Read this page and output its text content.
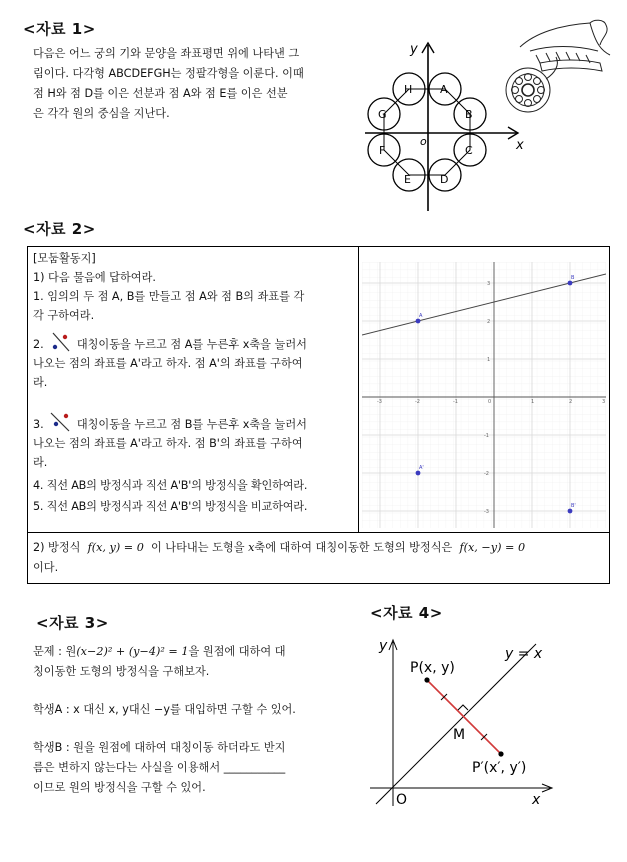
<자료 1>
다음은 어느 궁의 기와 문양을 좌표평면 위에 나타낸 그
림이다. 다각형 ABCDEFGH는 정팔각형을 이룬다. 이때
점 H와 점 D를 이은 선분과 점 A와 점 E를 이은 선분
은 각각 원의 중심을 지난다.
y
x
o
H	A
G	B
F	C
E	D
<자료 2>
[모둠활동지]
1) 다음 물음에 답하여라.
1. 임의의 두 점 A, B를 만들고 점 A와 점 B의 좌표를 각
각 구하여라.
2.	대칭이동을 누르고 점 A를 누른후 x축을 눌러서
나오는 점의 좌표를 A'라고 하자. 점 A'의 좌표를 구하여
라.
3.	대칭이동을 누르고 점 B를 누른후 x축을 눌러서
나오는 점의 좌표를 A'라고 하자. 점 B'의 좌표를 구하여
라.
4. 직선 AB의 방정식과 직선 A'B'의 방정식을 확인하여라.
5. 직선 AB의 방정식과 직선 A'B'의 방정식을 비교하여라.
-3	-2	-1	1	2	3
3
2
1
-1
-2
-3
0
A
B
A'
B'
2) 방정식 f(x, y) = 0 이 나타내는 도형을 x축에 대하여 대칭이동한 도형의 방정식은 f(x, −y) = 0
이다.
<자료 3>
문제 : 원(x−2)² + (y−4)² = 1을 원점에 대하여 대
칭이동한 도형의 방정식을 구해보자.
학생A : x 대신 x, y대신 −y를 대입하면 구할 수 있어.
학생B : 원을 원점에 대하여 대칭이동 하더라도 반지
름은 변하지 않는다는 사실을 이용해서 ___________
이므로 원의 방정식을 구할 수 있어.
<자료 4>
P(x, y)
P′(x′, y′)
M
O	x
y	y = x
